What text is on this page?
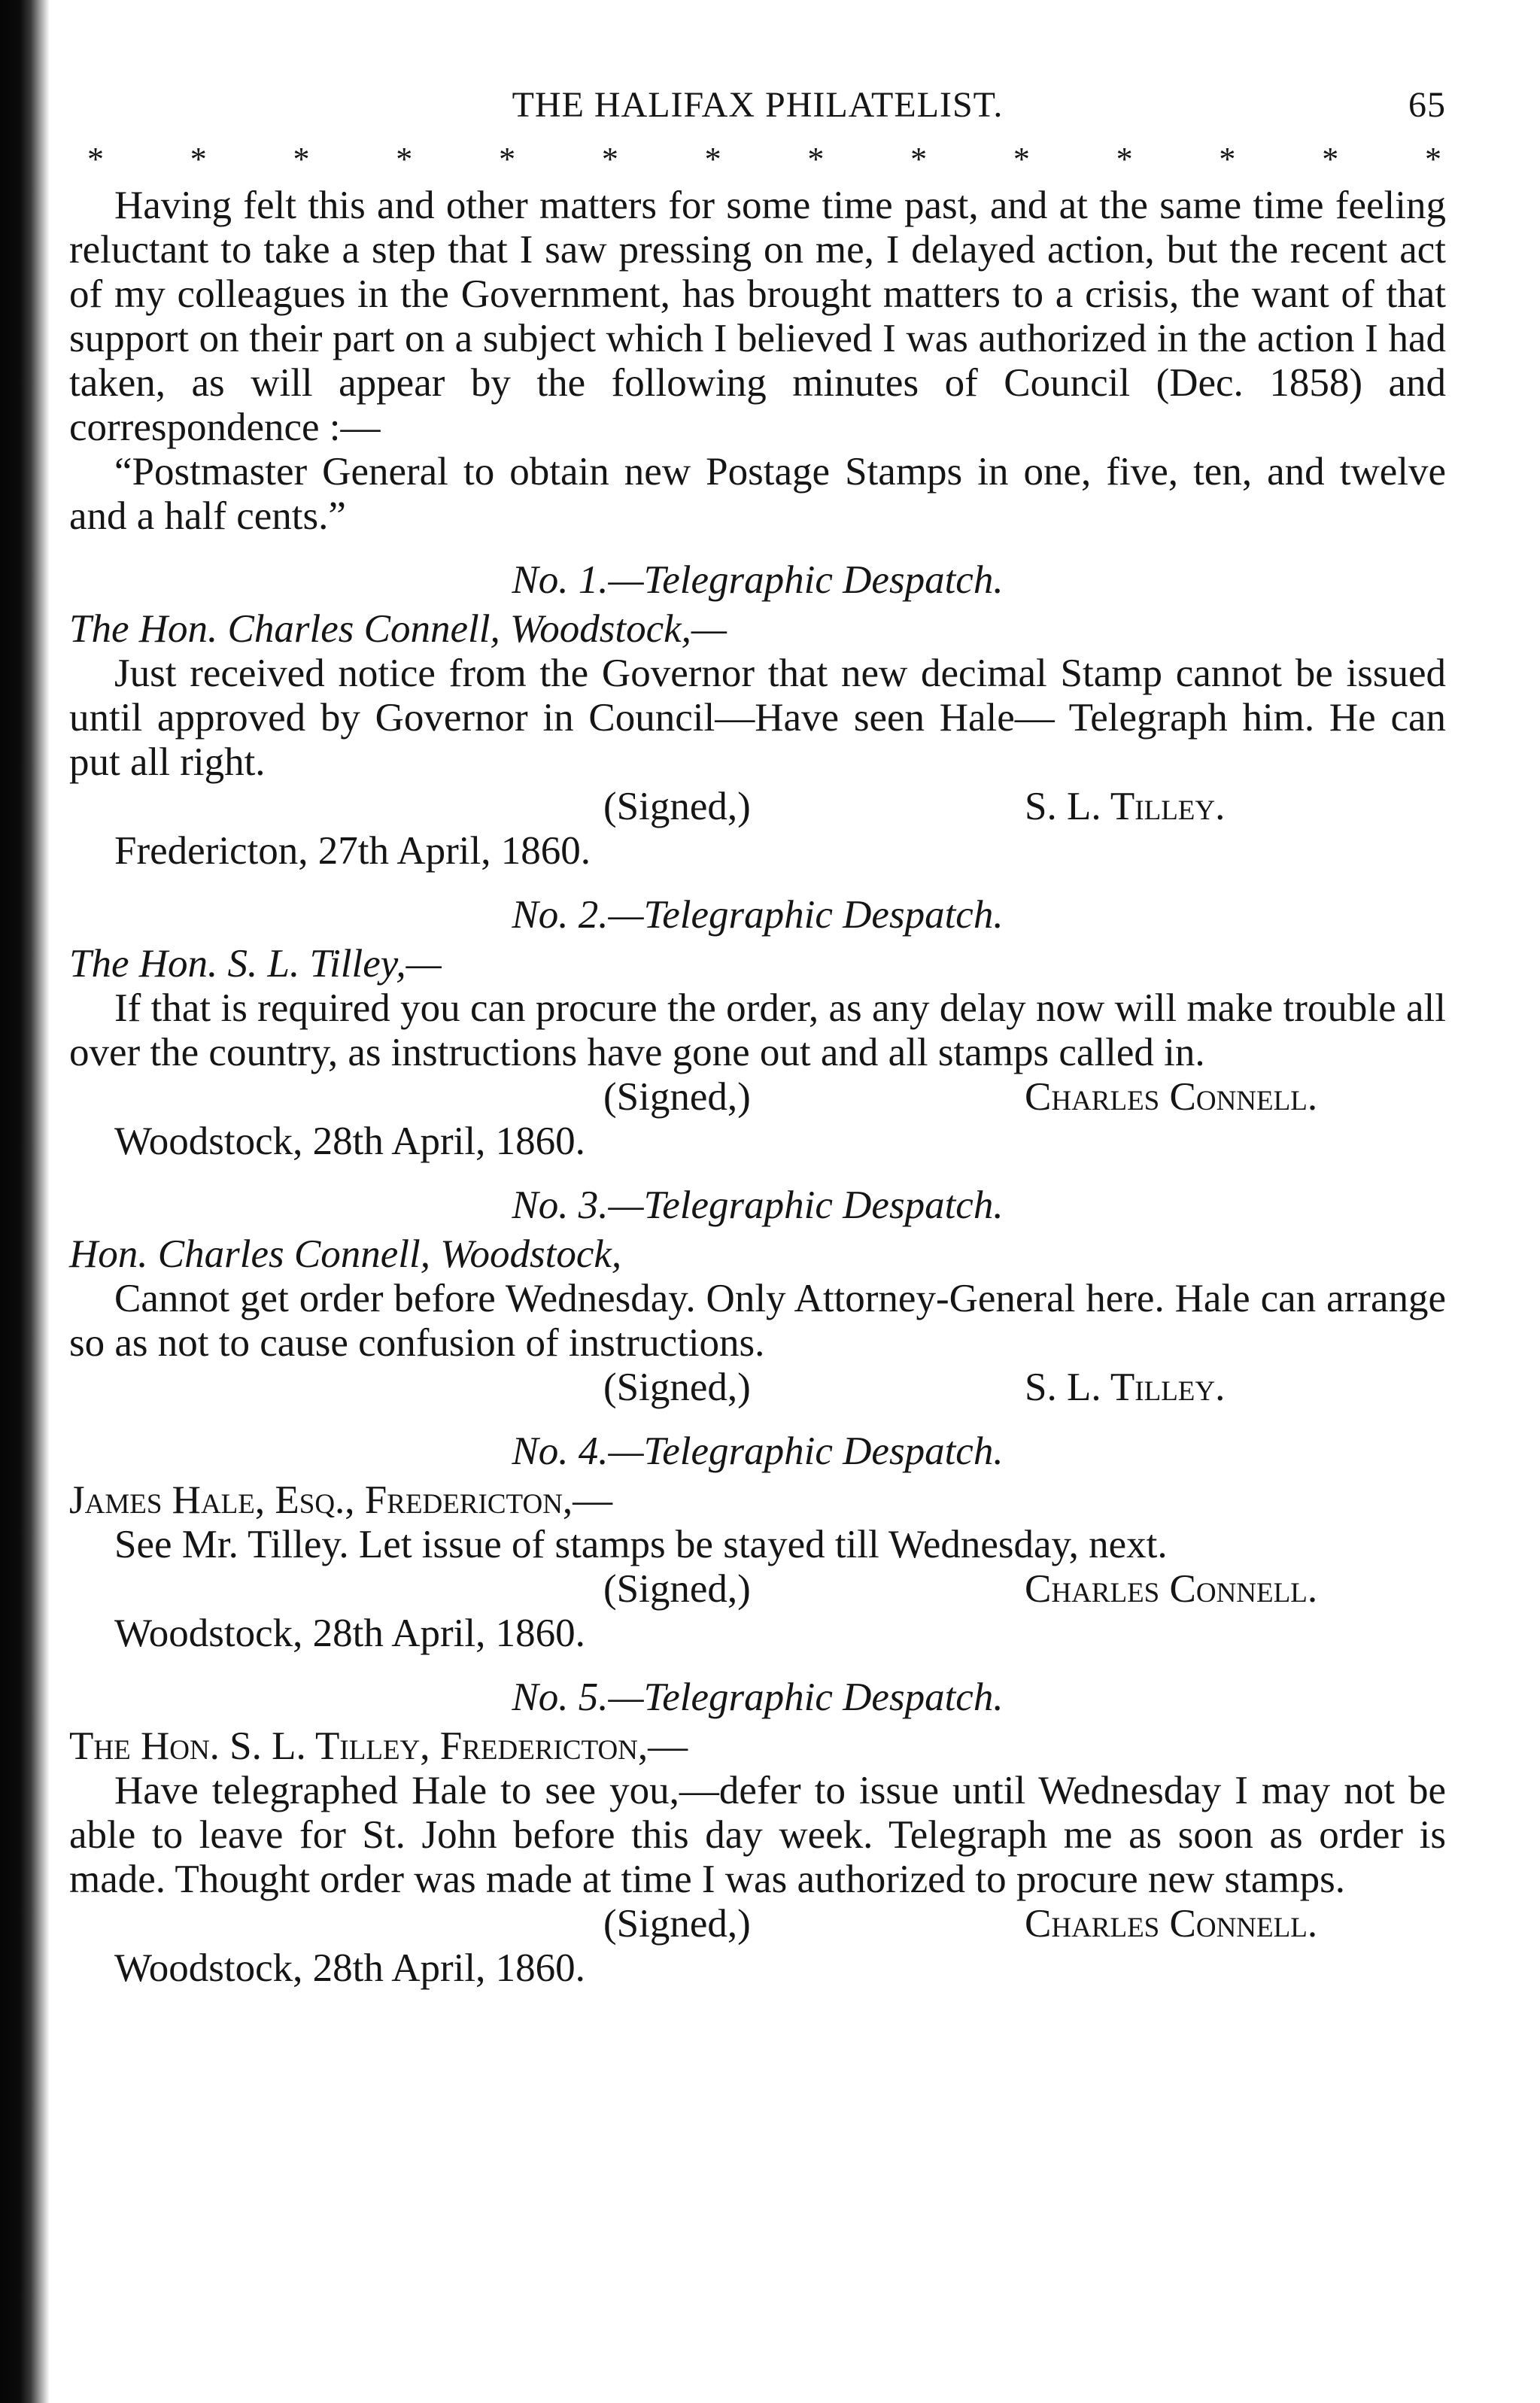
THE HALIFAX PHILATELIST.	65
*	*	*	*	*	*	*	*	*	*	*	*	*	*

Having felt this and other matters for some time past, and at the same time feeling reluctant to take a step that I saw pressing on me, I delayed action, but the recent act of my colleagues in the Government, has brought matters to a crisis, the want of that support on their part on a subject which I believed I was authorized in the action I had taken, as will appear by the following minutes of Council (Dec. 1858) and correspondence :—

“Postmaster General to obtain new Postage Stamps in one, five, ten, and twelve and a half cents.”

No. 1.—Telegraphic Despatch.

The Hon. Charles Connell, Woodstock,—

Just received notice from the Governor that new decimal Stamp cannot be issued until approved by Governor in Council—Have seen Hale— Telegraph him. He can put all right.

(Signed,)	S. L. Tilley.

Fredericton, 27th April, 1860.

No. 2.—Telegraphic Despatch.

The Hon. S. L. Tilley,—

If that is required you can procure the order, as any delay now will make trouble all over the country, as instructions have gone out and all stamps called in.

(Signed,)	Charles Connell.

Woodstock, 28th April, 1860.

No. 3.—Telegraphic Despatch.

Hon. Charles Connell, Woodstock,

Cannot get order before Wednesday. Only Attorney-General here. Hale can arrange so as not to cause confusion of instructions.

(Signed,)	S. L. Tilley.

No. 4.—Telegraphic Despatch.

James Hale, Esq., Fredericton,—

See Mr. Tilley. Let issue of stamps be stayed till Wednesday, next.

(Signed,)	Charles Connell.

Woodstock, 28th April, 1860.

No. 5.—Telegraphic Despatch.

The Hon. S. L. Tilley, Fredericton,—

Have telegraphed Hale to see you,—defer to issue until Wednesday I may not be able to leave for St. John before this day week. Telegraph me as soon as order is made. Thought order was made at time I was authorized to procure new stamps.

(Signed,)	Charles Connell.

Woodstock, 28th April, 1860.
